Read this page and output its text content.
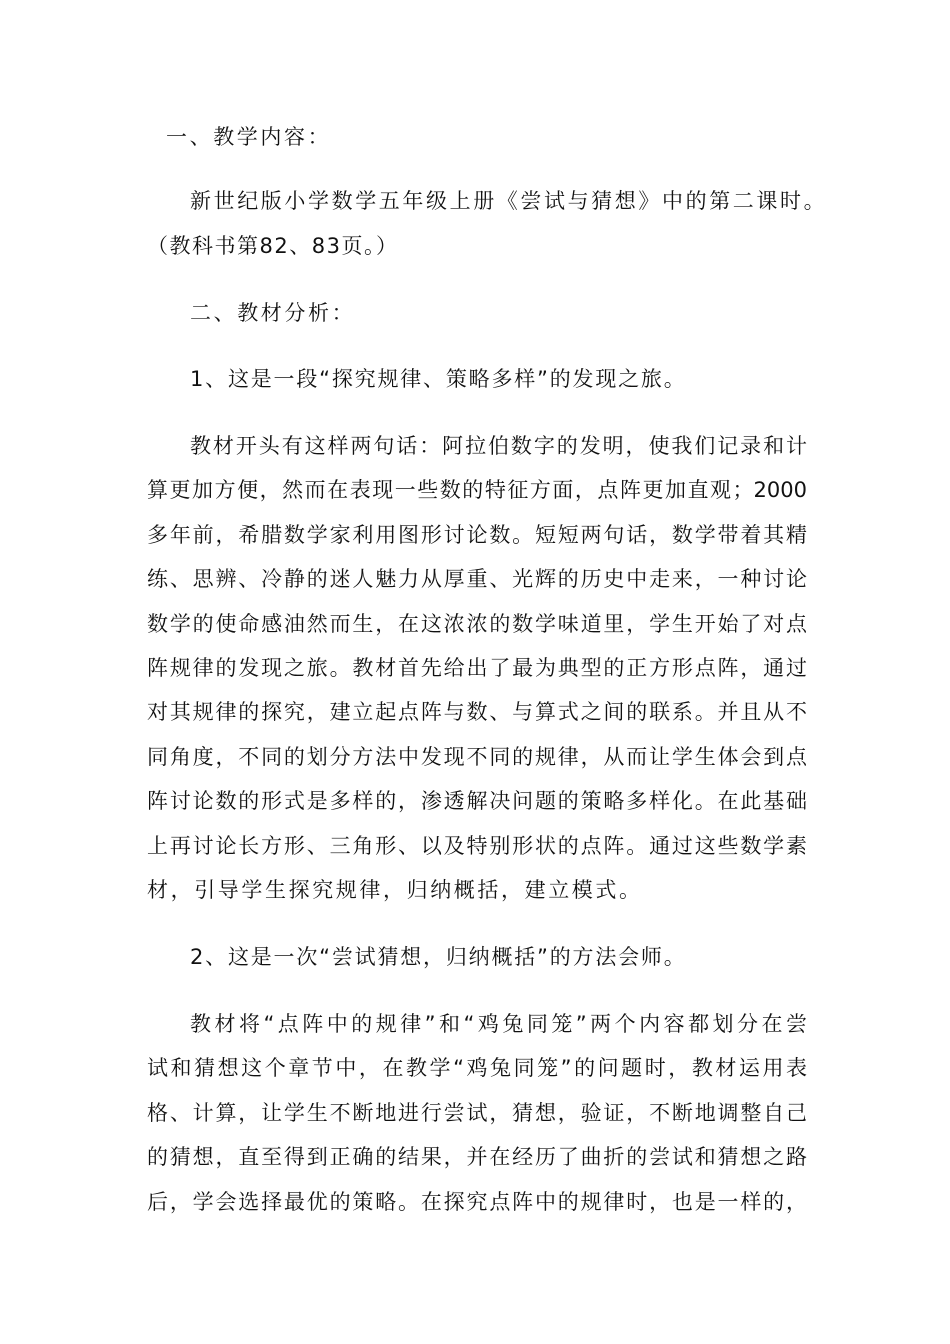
一、教学内容：
新世纪版小学数学五年级上册《尝试与猜想》中的第二课时。
（教科书第82、83页。）
二、教材分析：
1、这是一段“探究规律、策略多样”的发现之旅。
教材开头有这样两句话：阿拉伯数字的发明，使我们记录和计
算更加方便，然而在表现一些数的特征方面，点阵更加直观；2000
多年前，希腊数学家利用图形讨论数。短短两句话，数学带着其精
练、思辨、冷静的迷人魅力从厚重、光辉的历史中走来，一种讨论
数学的使命感油然而生，在这浓浓的数学味道里，学生开始了对点
阵规律的发现之旅。教材首先给出了最为典型的正方形点阵，通过
对其规律的探究，建立起点阵与数、与算式之间的联系。并且从不
同角度，不同的划分方法中发现不同的规律，从而让学生体会到点
阵讨论数的形式是多样的，渗透解决问题的策略多样化。在此基础
上再讨论长方形、三角形、以及特别形状的点阵。通过这些数学素
材，引导学生探究规律，归纳概括，建立模式。
2、这是一次“尝试猜想，归纳概括”的方法会师。
教材将“点阵中的规律”和“鸡兔同笼”两个内容都划分在尝
试和猜想这个章节中，在教学“鸡兔同笼”的问题时，教材运用表
格、计算，让学生不断地进行尝试，猜想，验证，不断地调整自己
的猜想，直至得到正确的结果，并在经历了曲折的尝试和猜想之路
后，学会选择最优的策略。在探究点阵中的规律时，也是一样的，
